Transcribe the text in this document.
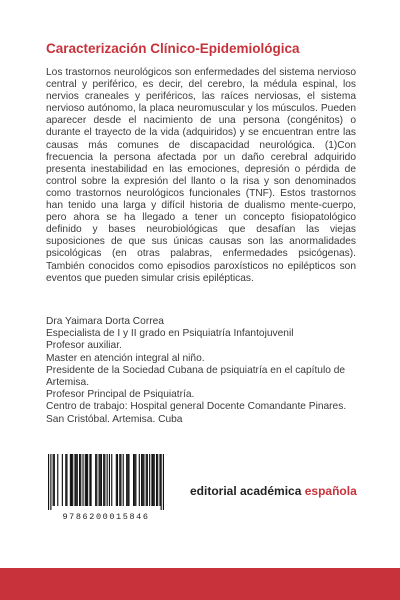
Caracterización Clínico-Epidemiológica

Los trastornos neurológicos son enfermedades del sistema nervioso central y periférico, es decir, del cerebro, la médula espinal, los nervios craneales y periféricos, las raíces nerviosas, el sistema nervioso autónomo, la placa neuromuscular y los músculos. Pueden aparecer desde el nacimiento de una persona (congénitos) o durante el trayecto de la vida (adquiridos) y se encuentran entre las causas más comunes de discapacidad neurológica. (1)Con frecuencia la persona afectada por un daño cerebral adquirido presenta inestabilidad en las emociones, depresión o pérdida de control sobre la expresión del llanto o la risa y son denominados como trastornos neurológicos funcionales (TNF). Estos trastornos han tenido una larga y difícil historia de dualismo mente-cuerpo, pero ahora se ha llegado a tener un concepto fisiopatológico definido y bases neurobiológicas que desafían las viejas suposiciones de que sus únicas causas son las anormalidades psicológicas (en otras palabras, enfermedades psicógenas). También conocidos como episodios paroxísticos no epilépticos son eventos que pueden simular crisis epilépticas.

Dra Yaimara Dorta Correa
Especialista de I y II grado en Psiquiatría Infantojuvenil
Profesor auxiliar.
Master en atención integral al niño.
Presidente de la Sociedad Cubana de psiquiatría en el capítulo de Artemisa.
Profesor Principal de Psiquiatría.
Centro de trabajo: Hospital general Docente Comandante Pinares. San Cristóbal. Artemisa. Cuba
9786200015846
editorial académica española
